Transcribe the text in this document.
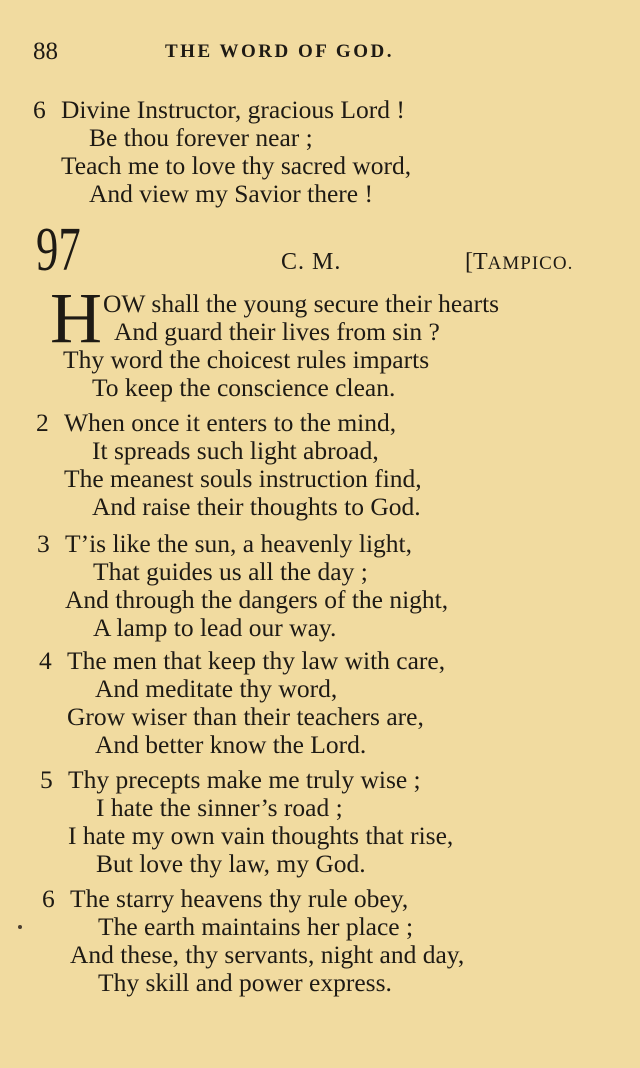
88	THE WORD OF GOD.
6 Divine Instructor, gracious Lord !
Be thou forever near ;
Teach me to love thy sacred word,
And view my Savior there !
97	C. M.	[TAMPICO.
H OW shall the young secure their hearts
And guard their lives from sin ?
Thy word the choicest rules imparts
To keep the conscience clean.
2 When once it enters to the mind,
It spreads such light abroad,
The meanest souls instruction find,
And raise their thoughts to God.
3 T’is like the sun, a heavenly light,
That guides us all the day ;
And through the dangers of the night,
A lamp to lead our way.
4 The men that keep thy law with care,
And meditate thy word,
Grow wiser than their teachers are,
And better know the Lord.
5 Thy precepts make me truly wise ;
I hate the sinner’s road ;
I hate my own vain thoughts that rise,
But love thy law, my God.
6 The starry heavens thy rule obey,
The earth maintains her place ;
And these, thy servants, night and day,
Thy skill and power express.
